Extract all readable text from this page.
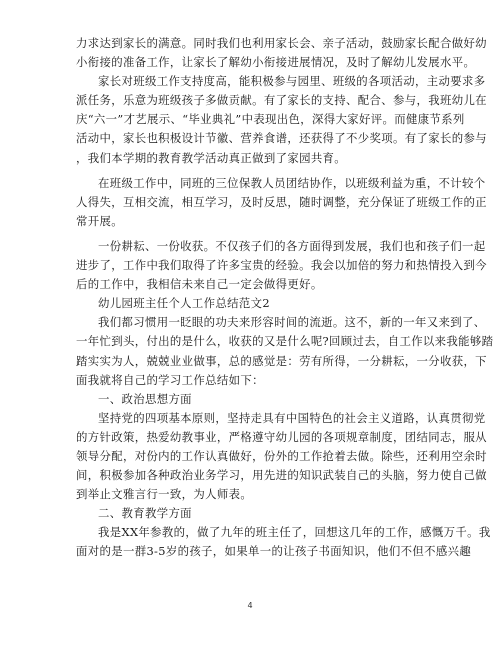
力求达到家长的满意。同时我们也利用家长会、亲子活动，鼓励家长配合做好幼
小衔接的准备工作，让家长了解幼小衔接进展情况，及时了解幼儿发展水平。
家长对班级工作支持度高，能积极参与园里、班级的各项活动，主动要求多
派任务，乐意为班级孩子多做贡献。有了家长的支持、配合、参与，我班幼儿在
庆“六一”才艺展示、“毕业典礼”中表现出色，深得大家好评。而健康节系列
活动中，家长也积极设计节徽、营养食谱，还获得了不少奖项。有了家长的参与
，我们本学期的教育教学活动真正做到了家园共育。
在班级工作中，同班的三位保教人员团结协作，以班级利益为重，不计较个
人得失，互相交流，相互学习，及时反思，随时调整，充分保证了班级工作的正
常开展。
一份耕耘、一份收获。不仅孩子们的各方面得到发展，我们也和孩子们一起
进步了，工作中我们取得了许多宝贵的经验。我会以加倍的努力和热情投入到今
后的工作中，我相信未来自己一定会做得更好。
幼儿园班主任个人工作总结范文2
我们都习惯用一眨眼的功夫来形容时间的流逝。这不，新的一年又来到了、
一年忙到头，付出的是什么，收获的又是什么呢?回顾过去，自工作以来我能够踏
踏实实为人，兢兢业业做事，总的感觉是：劳有所得，一分耕耘，一分收获，下
面我就将自己的学习工作总结如下：
一、政治思想方面
坚持党的四项基本原则，坚持走具有中国特色的社会主义道路，认真贯彻党
的方针政策，热爱幼教事业，严格遵守幼儿园的各项规章制度，团结同志，服从
领导分配，对份内的工作认真做好，份外的工作抢着去做。除些，还利用空余时
间，积极参加各种政治业务学习，用先进的知识武装自己的头脑，努力使自己做
到举止文雅言行一致，为人师表。
二、教育教学方面
我是XX年参教的，做了九年的班主任了，回想这几年的工作，感慨万千。我
面对的是一群3-5岁的孩子，如果单一的让孩子书面知识，他们不但不感兴趣
4
